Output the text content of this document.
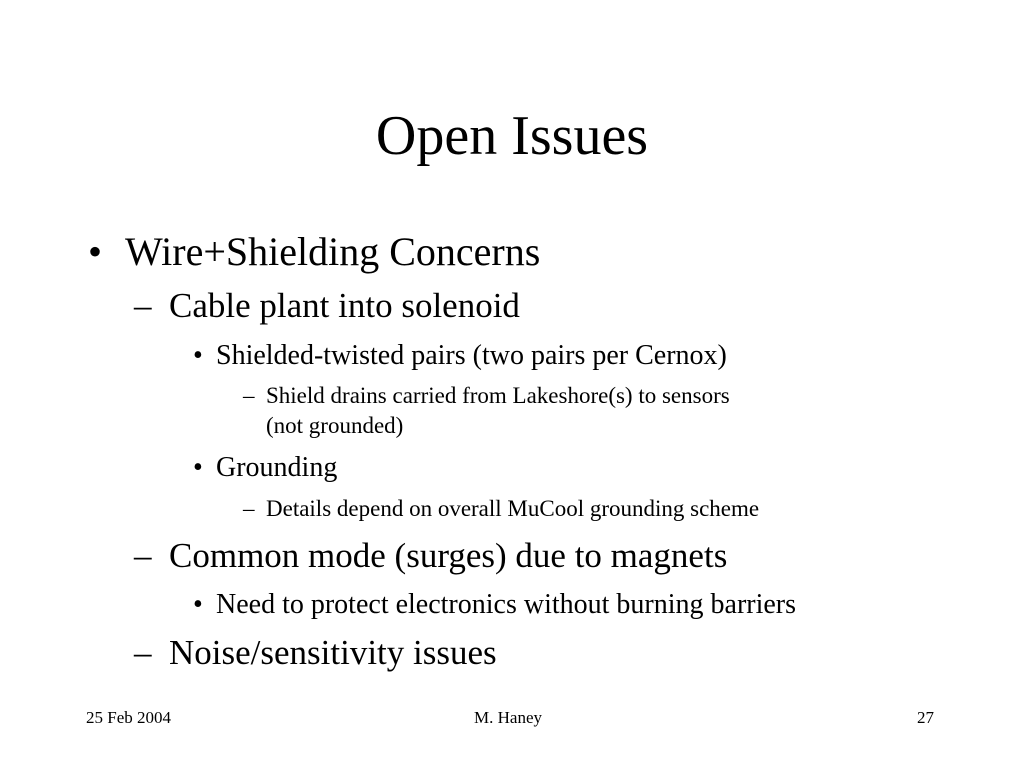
Open Issues
• Wire+Shielding Concerns
– Cable plant into solenoid
• Shielded-twisted pairs (two pairs per Cernox)
– Shield drains carried from Lakeshore(s) to sensors
(not grounded)
• Grounding
– Details depend on overall MuCool grounding scheme
– Common mode (surges) due to magnets
• Need to protect electronics without burning barriers
– Noise/sensitivity issues
25 Feb 2004	M. Haney	27
